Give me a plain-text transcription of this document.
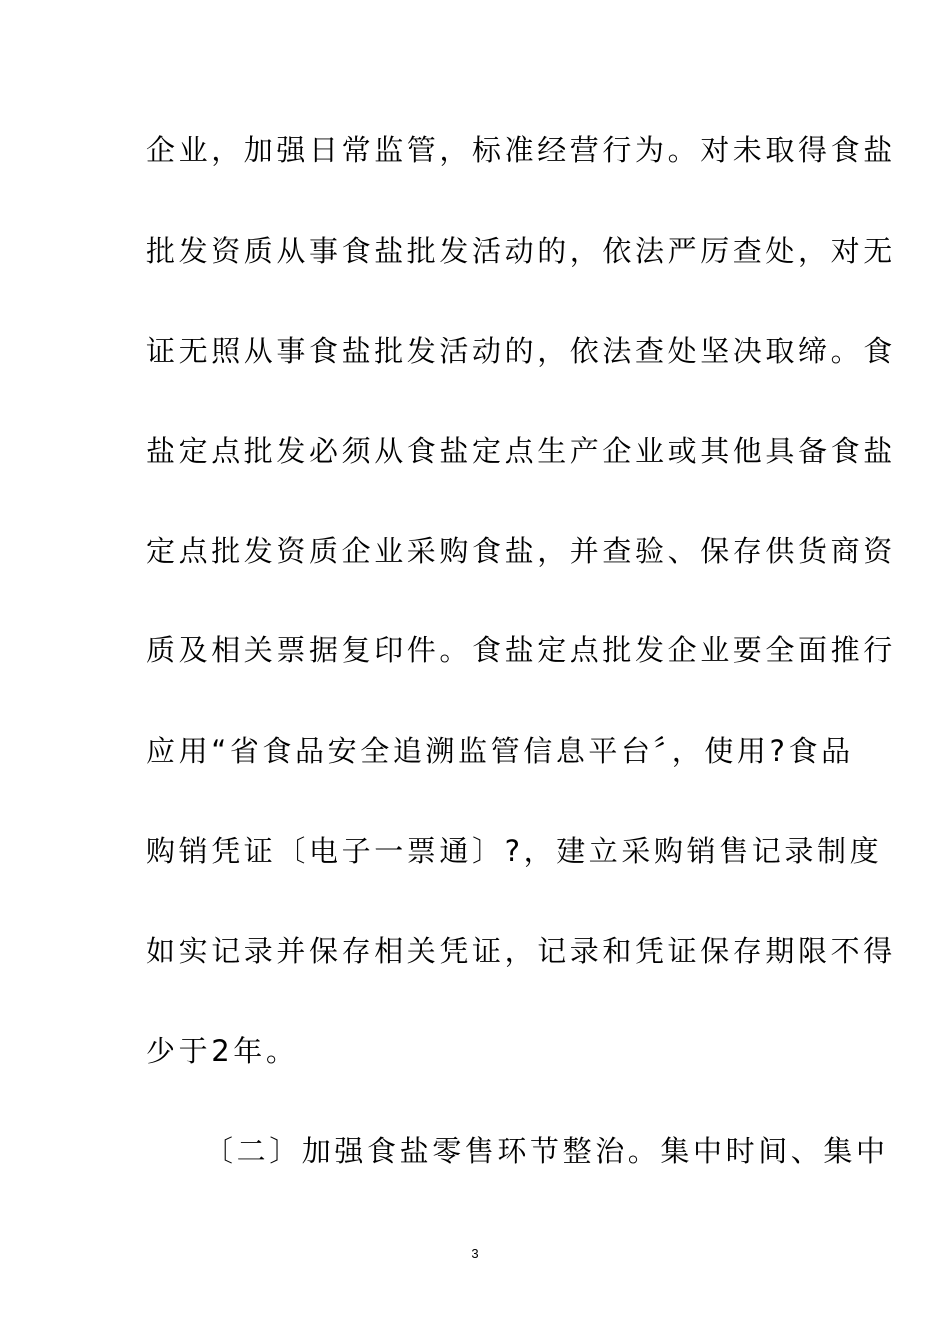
企业，加强日常监管，标准经营行为。对未取得食盐
批发资质从事食盐批发活动的，依法严厉查处，对无
证无照从事食盐批发活动的，依法查处坚决取缔。食
盐定点批发必须从食盐定点生产企业或其他具备食盐
定点批发资质企业采购食盐，并查验、保存供货商资
质及相关票据复印件。食盐定点批发企业要全面推行
应用“省食品安全追溯监管信息平台〞，使用?食品
购销凭证〔电子一票通〕?，建立采购销售记录制度
如实记录并保存相关凭证，记录和凭证保存期限不得
少于2年。
〔二〕加强食盐零售环节整治。集中时间、集中
3
